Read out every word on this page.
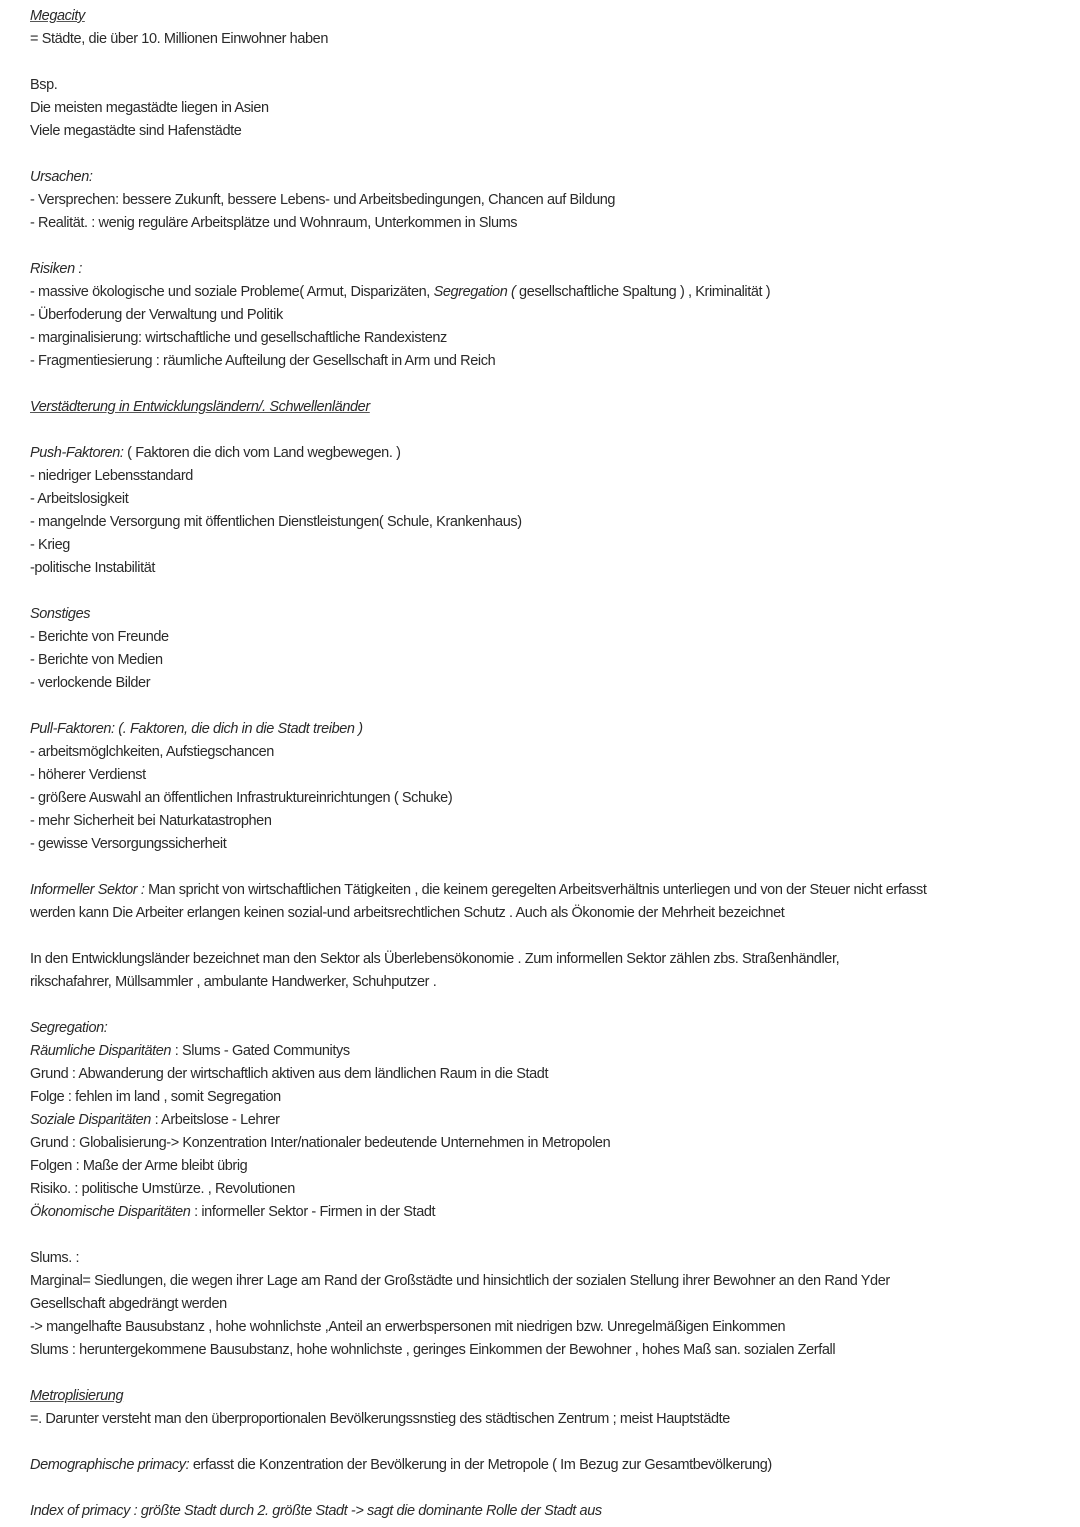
Megacity
= Städte, die über 10. Millionen Einwohner haben
Bsp.
Die meisten megastädte liegen in Asien
Viele megastädte sind Hafenstädte
Ursachen:
- Versprechen: bessere Zukunft, bessere Lebens- und Arbeitsbedingungen, Chancen auf Bildung
- Realität. : wenig reguläre Arbeitsplätze und Wohnraum, Unterkommen in Slums
Risiken :
- massive ökologische und soziale Probleme( Armut, Disparizäten, Segregation ( gesellschaftliche Spaltung ) , Kriminalität )
- Überfoderung der Verwaltung und Politik
- marginalisierung: wirtschaftliche und gesellschaftliche Randexistenz
- Fragmentiesierung : räumliche Aufteilung der Gesellschaft in Arm und Reich
Verstädterung in Entwicklungsländern/. Schwellenländer
Push-Faktoren: ( Faktoren die dich vom Land wegbewegen. )
- niedriger Lebensstandard
- Arbeitslosigkeit
- mangelnde Versorgung mit öffentlichen Dienstleistungen( Schule, Krankenhaus)
- Krieg
-politische Instabilität
Sonstiges
- Berichte von Freunde
- Berichte von Medien
- verlockende Bilder
Pull-Faktoren: (. Faktoren, die dich in die Stadt treiben )
- arbeitsmöglchkeiten, Aufstiegschancen
- höherer Verdienst
- größere Auswahl an öffentlichen Infrastruktureinrichtungen ( Schuke)
- mehr Sicherheit bei Naturkatastrophen
- gewisse Versorgungssicherheit
Informeller Sektor : Man spricht von wirtschaftlichen Tätigkeiten , die keinem geregelten Arbeitsverhältnis unterliegen und von der Steuer nicht erfasst werden kann Die Arbeiter erlangen keinen sozial-und arbeitsrechtlichen Schutz . Auch als Ökonomie der Mehrheit bezeichnet
In den Entwicklungsländer bezeichnet man den Sektor als Überlebensökonomie . Zum informellen Sektor zählen zbs. Straßenhändler, rikschafahrer, Müllsammler , ambulante Handwerker, Schuhputzer .
Segregation:
Räumliche Disparitäten : Slums - Gated Communitys
Grund : Abwanderung der wirtschaftlich aktiven aus dem ländlichen Raum in die Stadt
Folge : fehlen im land , somit Segregation
Soziale Disparitäten : Arbeitslose - Lehrer
Grund : Globalisierung-> Konzentration Inter/nationaler bedeutende Unternehmen in Metropolen
Folgen : Maße der Arme bleibt übrig
Risiko. : politische Umstürze. , Revolutionen
Ökonomische Disparitäten : informeller Sektor - Firmen in der Stadt
Slums. :
Marginal= Siedlungen, die wegen ihrer Lage am Rand der Großstädte und hinsichtlich der sozialen Stellung ihrer Bewohner an den Rand Yder Gesellschaft abgedrängt werden
-> mangelhafte Bausubstanz , hohe wohnlichste ,Anteil an erwerbspersonen mit niedrigen bzw. Unregelmäßigen Einkommen
Slums : heruntergekommene Bausubstanz, hohe wohnlichste , geringes Einkommen der Bewohner , hohes Maß san. sozialen Zerfall
Metroplisierung
=. Darunter versteht man den überproportionalen Bevölkerungssnstieg des städtischen Zentrum ; meist Hauptstädte
Demographische primacy: erfasst die Konzentration der Bevölkerung in der Metropole ( Im Bezug zur Gesamtbevölkerung)
Index of primacy : größte Stadt durch 2. größte Stadt -> sagt die dominante Rolle der Stadt aus
